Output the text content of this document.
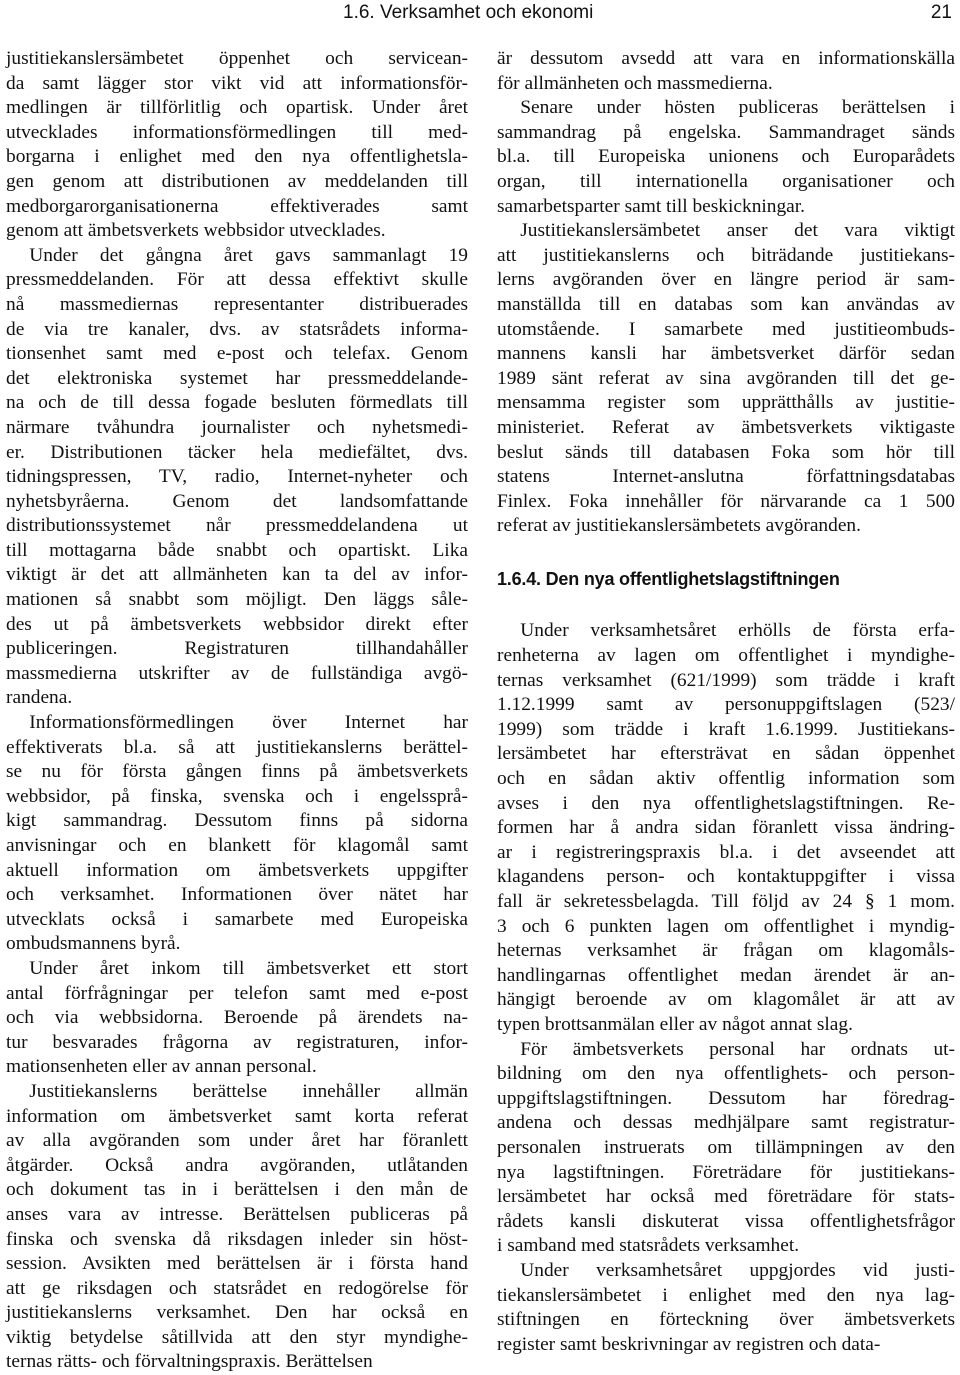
1.6. Verksamhet och ekonomi	21
justitiekanslersämbetet öppenhet och servicean-
da samt lägger stor vikt vid att informationsför-
medlingen är tillförlitlig och opartisk. Under året
utvecklades informationsförmedlingen till med-
borgarna i enlighet med den nya offentlighetsla-
gen genom att distributionen av meddelanden till
medborgarorganisationerna effektiverades samt
genom att ämbetsverkets webbsidor utvecklades.
Under det gångna året gavs sammanlagt 19
pressmeddelanden. För att dessa effektivt skulle
nå massmediernas representanter distribuerades
de via tre kanaler, dvs. av statsrådets informa-
tionsenhet samt med e-post och telefax. Genom
det elektroniska systemet har pressmeddelande-
na och de till dessa fogade besluten förmedlats till
närmare tvåhundra journalister och nyhetsmedi-
er. Distributionen täcker hela mediefältet, dvs.
tidningspressen, TV, radio, Internet-nyheter och
nyhetsbyråerna. Genom det landsomfattande
distributionssystemet når pressmeddelandena ut
till mottagarna både snabbt och opartiskt. Lika
viktigt är det att allmänheten kan ta del av infor-
mationen så snabbt som möjligt. Den läggs såle-
des ut på ämbetsverkets webbsidor direkt efter
publiceringen. Registraturen tillhandahåller
massmedierna utskrifter av de fullständiga avgö-
randena.
Informationsförmedlingen över Internet har
effektiverats bl.a. så att justitiekanslerns berättel-
se nu för första gången finns på ämbetsverkets
webbsidor, på finska, svenska och i engelssprå-
kigt sammandrag. Dessutom finns på sidorna
anvisningar och en blankett för klagomål samt
aktuell information om ämbetsverkets uppgifter
och verksamhet. Informationen över nätet har
utvecklats också i samarbete med Europeiska
ombudsmannens byrå.
Under året inkom till ämbetsverket ett stort
antal förfrågningar per telefon samt med e-post
och via webbsidorna. Beroende på ärendets na-
tur besvarades frågorna av registraturen, infor-
mationsenheten eller av annan personal.
Justitiekanslerns berättelse innehåller allmän
information om ämbetsverket samt korta referat
av alla avgöranden som under året har föranlett
åtgärder. Också andra avgöranden, utlåtanden
och dokument tas in i berättelsen i den mån de
anses vara av intresse. Berättelsen publiceras på
finska och svenska då riksdagen inleder sin höst-
session. Avsikten med berättelsen är i första hand
att ge riksdagen och statsrådet en redogörelse för
justitiekanslerns verksamhet. Den har också en
viktig betydelse såtillvida att den styr myndighe-
ternas rätts- och förvaltningspraxis. Berättelsen
är dessutom avsedd att vara en informationskälla
för allmänheten och massmedierna.
Senare under hösten publiceras berättelsen i
sammandrag på engelska. Sammandraget sänds
bl.a. till Europeiska unionens och Europarådets
organ, till internationella organisationer och
samarbetsparter samt till beskickningar.
Justitiekanslersämbetet anser det vara viktigt
att justitiekanslerns och biträdande justitiekans-
lerns avgöranden över en längre period är sam-
manställda till en databas som kan användas av
utomstående. I samarbete med justitieombuds-
mannens kansli har ämbetsverket därför sedan
1989 sänt referat av sina avgöranden till det ge-
mensamma register som upprätthålls av justitie-
ministeriet. Referat av ämbetsverkets viktigaste
beslut sänds till databasen Foka som hör till
statens Internet-anslutna författningsdatabas
Finlex. Foka innehåller för närvarande ca 1 500
referat av justitiekanslersämbetets avgöranden.
1.6.4. Den nya offentlighetslagstiftningen
Under verksamhetsåret erhölls de första erfa-
renheterna av lagen om offentlighet i myndighe-
ternas verksamhet (621/1999) som trädde i kraft
1.12.1999 samt av personuppgiftslagen (523/
1999) som trädde i kraft 1.6.1999. Justitiekans-
lersämbetet har eftersträvat en sådan öppenhet
och en sådan aktiv offentlig information som
avses i den nya offentlighetslagstiftningen. Re-
formen har å andra sidan föranlett vissa ändring-
ar i registreringspraxis bl.a. i det avseendet att
klagandens person- och kontaktuppgifter i vissa
fall är sekretessbelagda. Till följd av 24 § 1 mom.
3 och 6 punkten lagen om offentlighet i myndig-
heternas verksamhet är frågan om klagomåls-
handlingarnas offentlighet medan ärendet är an-
hängigt beroende av om klagomålet är att av
typen brottsanmälan eller av något annat slag.
För ämbetsverkets personal har ordnats ut-
bildning om den nya offentlighets- och person-
uppgiftslagstiftningen. Dessutom har föredrag-
andena och dessas medhjälpare samt registratur-
personalen instruerats om tillämpningen av den
nya lagstiftningen. Företrädare för justitiekans-
lersämbetet har också med företrädare för stats-
rådets kansli diskuterat vissa offentlighetsfrågor
i samband med statsrådets verksamhet.
Under verksamhetsåret uppgjordes vid justi-
tiekanslersämbetet i enlighet med den nya lag-
stiftningen en förteckning över ämbetsverkets
register samt beskrivningar av registren och data-
